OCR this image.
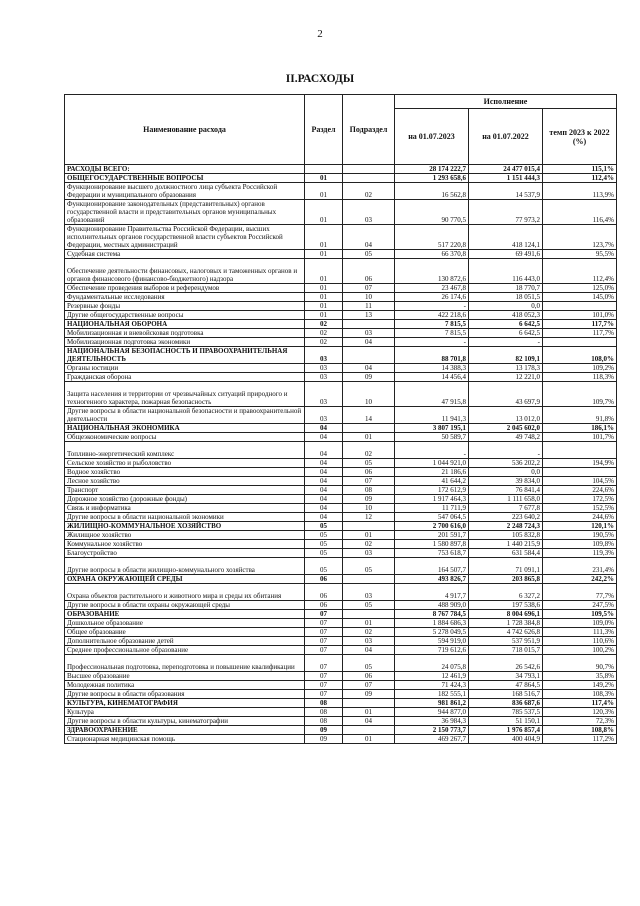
2
II.РАСХОДЫ
Наименование расхода	Раздел	Подраздел	Исполнение		
			на 01.07.2023	на 01.07.2022	темп 2023 к 2022 (%)
РАСХОДЫ ВСЕГО:			28 174 222,7	24 477 015,4	115,1%
ОБЩЕГОСУДАРСТВЕННЫЕ ВОПРОСЫ	01		1 293 658,6	1 151 444,3	112,4%
Функционирование высшего должностного лица субъекта Российской Федерации и муниципального образования	01	02	16 562,8	14 537,9	113,9%
Функционирование законодательных (представительных) органов государственной власти и представительных органов муниципальных образований	01	03	90 770,5	77 973,2	116,4%
Функционирование Правительства Российской Федерации, высших исполнительных органов государственной власти субъектов Российской Федерации, местных администраций	01	04	517 220,8	418 124,1	123,7%
Судебная система	01	05	66 370,8	69 491,6	95,5%
Обеспечение деятельности финансовых, налоговых и таможенных органов и органов финансового (финансово-бюджетного) надзора	01	06	130 872,6	116 443,0	112,4%
Обеспечение проведения выборов и референдумов	01	07	23 467,8	18 770,7	125,0%
Фундаментальные исследования	01	10	26 174,6	18 051,5	145,0%
Резервные фонды	01	11	-	0,0	
Другие общегосударственные вопросы	01	13	422 218,6	418 052,3	101,0%
НАЦИОНАЛЬНАЯ ОБОРОНА	02		7 815,5	6 642,5	117,7%
Мобилизационная и вневойсковая подготовка	02	03	7 815,5	6 642,5	117,7%
Мобилизационная подготовка экономики	02	04	-	-	
НАЦИОНАЛЬНАЯ БЕЗОПАСНОСТЬ И ПРАВООХРАНИТЕЛЬНАЯ ДЕЯТЕЛЬНОСТЬ	03		88 701,8	82 109,1	108,0%
Органы юстиции	03	04	14 388,3	13 178,3	109,2%
Гражданская оборона	03	09	14 456,4	12 221,0	118,3%
Защита населения и территории от чрезвычайных ситуаций природного и техногенного характера, пожарная безопасность	03	10	47 915,8	43 697,9	109,7%
Другие вопросы в области национальной безопасности и правоохранительной деятельности	03	14	11 941,3	13 012,0	91,8%
НАЦИОНАЛЬНАЯ ЭКОНОМИКА	04		3 807 195,1	2 045 602,0	186,1%
Общеэкономические вопросы	04	01	50 589,7	49 748,2	101,7%
Топливно-энергетический комплекс	04	02	-	-	
Сельское хозяйство и рыболовство	04	05	1 044 921,0	536 202,2	194,9%
Водное хозяйство	04	06	21 186,6	0,0	
Лесное хозяйство	04	07	41 644,2	39 834,0	104,5%
Транспорт	04	08	172 612,9	76 841,4	224,6%
Дорожное хозяйство (дорожные фонды)	04	09	1 917 464,3	1 111 658,0	172,5%
Связь и информатика	04	10	11 711,9	7 677,8	152,5%
Другие вопросы в области национальной экономики	04	12	547 064,5	223 640,2	244,6%
ЖИЛИЩНО-КОММУНАЛЬНОЕ ХОЗЯЙСТВО	05		2 700 616,0	2 248 724,3	120,1%
Жилищное хозяйство	05	01	201 591,7	105 832,8	190,5%
Коммунальное хозяйство	05	02	1 580 897,8	1 440 215,9	109,8%
Благоустройство	05	03	753 618,7	631 584,4	119,3%
Другие вопросы в области жилищно-коммунального хозяйства	05	05	164 507,7	71 091,1	231,4%
ОХРАНА ОКРУЖАЮЩЕЙ СРЕДЫ	06		493 826,7	203 865,8	242,2%
Охрана объектов растительного и животного мира и среды их обитания	06	03	4 917,7	6 327,2	77,7%
Другие вопросы в области охраны окружающей среды	06	05	488 909,0	197 538,6	247,5%
ОБРАЗОВАНИЕ	07		8 767 784,5	8 004 696,1	109,5%
Дошкольное образование	07	01	1 884 686,3	1 728 384,8	109,0%
Общее образование	07	02	5 278 049,5	4 742 626,8	111,3%
Дополнительное образование детей	07	03	594 919,0	537 951,9	110,6%
Среднее профессиональное образование	07	04	719 612,6	718 015,7	100,2%
Профессиональная подготовка, переподготовка и повышение квалификации	07	05	24 075,8	26 542,6	90,7%
Высшее образование	07	06	12 461,9	34 793,1	35,8%
Молодежная политика	07	07	71 424,3	47 864,5	149,2%
Другие вопросы в области образования	07	09	182 555,1	168 516,7	108,3%
КУЛЬТУРА, КИНЕМАТОГРАФИЯ	08		981 861,2	836 687,6	117,4%
Культура	08	01	944 877,0	785 537,5	120,3%
Другие вопросы в области культуры, кинематографии	08	04	36 984,3	51 150,1	72,3%
ЗДРАВООХРАНЕНИЕ	09		2 150 773,7	1 976 857,4	108,8%
Стационарная медицинская помощь	09	01	469 267,7	400 404,9	117,2%
